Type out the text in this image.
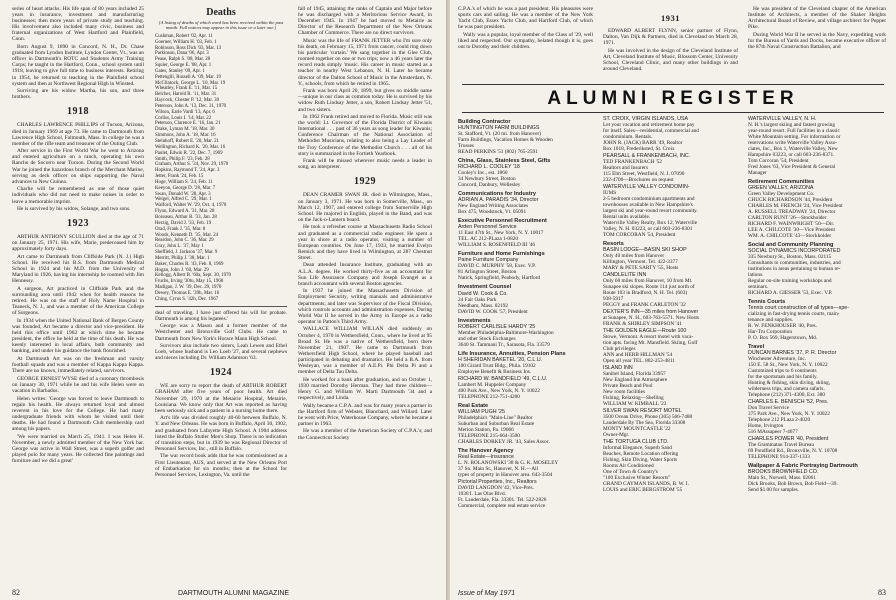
series of heart attacks. His life span of 80 years included 25 years in insurance, investment and manufacturing businesses; then more years of private study and teaching. His involvement also included many civic, business and fraternal organizations of West Hartford and Plainfield, Conn.

Born August 9, 1890 in Concord, N. H., Dr. Chase graduated from Lyndon Institute, Lyndon Center, Vt., was an officer in Dartmouth's ROTC and Students Army Training Corps; he taught in the Hartford, Conn., school system until 1918, leaving to give full time to business interests. Retiring in 1954, he returned to teaching in the Plainfield school system and then at Northwest Regional High in Winsted.

Surviving are his widow Martha, his son, and three brothers.

1918

CHARLES LAWRENCE PHILLIPS of Tucson, Arizona, died in January 1969 at age 73. He came to Dartmouth from Lawrence High School, Falmouth, Mass. In college he was a member of the rifle team and treasurer of the Outing Club.

After service in the First World War he went to Arizona and entered agriculture on a ranch, operating his own Rancho de Socorro near Tucson. During the Second World War he joined the hazardous branch of the Merchant Marine, serving as deck officer on ships supporting the Naval advances to New Guinea.

Charlie will be remembered as one of those quiet individuals who did not need to make noises in order to leave a memorable imprint.

He is survived by his widow, Solange, and two sons.

1923

ARTHUR ANTHONY SCULLION died at the age of 71 on January 25, 1971. His wife, Marie, predeceased him by approximately forty days.

Art came to Dartmouth from Cliffside Park (N. J.) High School. He received his B.S. from Dartmouth Medical School in 1924 and his M.D. from the University of Maryland in 1926, having his internship he roomed with Jim Hennessy.

A surgeon, Art practiced in Cliffside Park and the surrounding area until 1942 when for health reasons he retired. He was on the staff of Holy Name Hospital in Teaneck, N. J., and was a member of the American College of Surgeons.

In 1934 when the United National Bank of Bergen County was founded, Art became a director and vice-president. He held this office until 1962 at which time he became president, the office he held at the time of his death. He was keenly interested in local affairs, both community and banking, and under his guidance the bank flourished.

At Dartmouth Art was on the freshman and varsity football squads and was a member of Kappa Kappa Kappa. There are no known, immediately related, survivors.

GEORGE ERNEST WYSE died of a coronary thrombosis on January 30, 1971 while he and his wife Helen were on vacation in Barbados.

Helen writes: 'George was forced to leave Dartmouth to regain his health. He always returned loyal and almost reverent in his love for the College. He had many undergraduate friends with whom he visited until their deaths. He had found a Dartmouth Club membership card among his papers.

'We were married on March 25, 1941. I was Helen H. November, a newly admitted member of the New York bar. George was active in Wall Street, was a superb golfer and played polo for many years. He collected fine paintings and furniture and we did a great'

Deaths
[A listing of deaths of which word has been received within the past month. Full notices may appear in this issue or a later one.]
Cushman, Robert '02, Apr. 11
Goerner, William H. '03, Feb. 1
Robinson, Ross Dick '03, Mar. 13
Parkinson, Dana '06, Apr. 3
Pease, Ralph S. '08, Mar. 28
Squier, George E. '08, Apr. 1
Gates, Stanley '09, Apr. 1
Pettengill, Russell A. '09, Mar. 19
McClintock, George L. '10, Mar. 19
Wheatley, Frank E. '11, Mar. 15
Belcher, Harold R. '11, Mar. 31
Haycock, Chester P. '12, Mar. 30
Peterson, John A. '13, Dec. 31, 1970
Wilson, Earle Vardi '13, Apr. 6
Corliss, Louis I. '14, Mar. 22
Peterson, Clarence E. '16, Jan. 21
Drake, Lyman M. '18, Mar. 30
Simmons, John A. '18, Mar. 16
Steinhoff, Robert E. '20, Mar. 21
Wellington, Richard K. '20, Mar. 16
Paulet, Edwin R. '22, Dec. 7, 1969
Smith, Philip F. '23, Feb. 28
Graham, Arthur S. '24, Nov. 29, 1970
Hopkins, Raymond T. '24, Apr. 3
Jetter, Frank '24, Feb. 15
Hoge, William S. '24, Feb. 11
Keeyon, George D. '28, Mar. 7
Swan, Donald W. '28, Apr. 3
Weigel, Alfred C. '29, Mar. 1
Walford, Walter W. '29, Oct. 4, 1970
Flynn, Edward A. '31, Mar. 28
Boisseau, Arthur R. '33, Jan. 28
Herzig, David J. '33, Feb. 19
Orad, Frank J. '35, Mar. 8
Woods, Kenneth D. '35, Mar. 24
Reardon, John C. '36, Mar. 29
Gray, John L. '37, May 1
Sheffield, J. Jackson '37, Mar. 9
Merritt, Philip J. '38, Mar. 1
Baker, Charles R. '43, Feb. 8, 1969
Hogan, John J. '60, Mar. 29
Kellogg, Albert B. '60a, Sept. 30, 1970
Fruchs, Irving '30tu, May 15, 1968
Madigan, J. W. '39, Dec. 29, 1970
Dewey, Thomas E. '39h, Mar. 16
Ching, Cyrus S. '42h, Dec. 1967

deal of traveling. I have just offered his will for probate. Dartmouth is among his legatees.'

George was a Mason and a former member of the Westchester and Bronxville Golf Clubs. He came to Dartmouth from New York's Horace Mann High School.

Survivors also include two sisters, Leah Lewen and Ethel Loeb, whose husband is Leo Loeb '27, and several nephews and nieces including Dr. William Adamson '63.

1924

WE are sorry to report the death of ARTHUR ROBERT GRAHAM after five years of poor health. Art died November 29, 1970 at the Metairie Hospital, Metairie, Louisiana. We know only that Art was reported as having been seriously sick and a patient in a nursing home there.

Art's life was divided roughly 40-60 between Buffalo, N. Y. and New Orleans. He was born in Buffalo, April 30, 1902, and graduated from Lafayette High School. A 1904 address listed the Buffalo Stutler Men's Shop. There is no indication of transition steps, but in 1939 he was Regional Director of Personnel Services, Inc., still in Buffalo.

The war record book adds that he was commissioned as a First Lieutenant, AUS, and served at the New Orleans Port of Embarkation for six months; then at the School for Personnel Services, Lexington, Va. until the

fall of 1945, attaining the ranks of Captain and Major before he was discharged with a Meritorious Service Award, in December 1945. In 1947 he had moved to Metairie as Director of the Research Department of the New Orleans Chamber of Commerce. There are no direct survivors.

Music was the life of FRANK JETTER who I'm sure only his death, on February 15, 1971 from cancer, could ring down his particular 'curtain.' We sang together in the Glee Club, roomed together on one or two trips; now a 46 years later the record reads simply 'music. His career in music started as a teacher in nearby West Lebanon, N. H. Later he became director of the Dalton School of Music in the Amsterdam, N. Y., schools, from which he retired in 1965.

Frank was born April 20, 1899, but gives no middle name—unique in our class as common today. He is survived by his widow Ruth Lindsay Jetter, a son, Robert Lindsay Jetter '51, and two sisters.

In 1962 Frank retired and moved to Florida. Music still was the world: Lt. Governor of the Florida District of Kiwanis International . . . past of 36 years as song leader for Kiwanis; Conference Chairman of the National Association of Methodist Musicians, relating to also being a Lay Leader of the Troy Conference of the Methodist Church . . . all of his story is summarized in the Fortieth Yearbook.

Frank will be missed wherever music needs a leader in song, an interpreter.

1929

DEAN CRAMER SWAN JR. died in Wilmington, Mass., on January 3, 1971. He was born in Somerville, Mass., on March 12, 1907, and entered college from Somerville High School. He majored in English, played in the Band, and was on the Jack-o-Lantern board.

He took a refresher course at Massachusetts Radio School and graduated as a commercial radio engineer. He spent a year in shore at a radio operator, visiting a number of European countries. On June 17, 1933, he married Evelyn Remick and they have lived in Wilmington, at 287 Chestnut Street.

Dean attended Insurance Institute, graduating with an A.L.A. degree. He worked thirty-five as an accountant for Sun Life Assurance Company and Joseph Evangel as a branch accountant with several Boston agencies.

In 1937 he joined the Massachusetts Division of Employment Security, writing manuals and administrative departments; and later was Supervisor of the Fiscal Division, which controls accounts and administration expenses. During World War II he served in the Army in Europe as a radio operator in Patton's Third Army.

WALLACE WILLIAM WILLAN died suddenly on October 4, 1970 in Wethersfield, Conn., where he lived at 95 Broad St. He was a native of Wethersfield, born there November 21, 1907. He came to Dartmouth from Wethersfield High School, where he played baseball and participated in debating and dramatics. He held a B.A. from Wesleyan, was a member of A.E.Pi. Phi Delta Pi and a member of Delta Tau Delta.

He worked for a bank after graduation, and on October 1, 1930 married Dorothy Herman. They had three children—Henry G. and William W. Marti Dartmouth '34 and a respectively, and Linda.

Wally became a C.P.A. and was for many years a partner in the Hartford firm of Webster, Blanchard, and Willard. Later he went with Price, Waterhouse Company, where he became a partner in 1963.

He was a member of the American Society of C.P.A.'s; and the Connecticut Society

82	DARTMOUTH ALUMNI MAGAZINE

C.P.A.'s of which he was a past president. His pleasures were sports cars and sailing. He was a member of the New York Yacht Club, Essex Yacht Club, and Hartford Club, of which he was past president.

Wally was a popular, loyal member of the Class of '29, well liked and respected. Our sympathy, belated though it is, goes out to Dorothy and their children.

1931

EDWARD ALBERT FLYNN, senior partner of Flynn, Dalton, Van Dijk & Partners, died in Cleveland on March 28, 1971.

He was involved in the design of the Cleveland Institute of Art, Cleveland Institute of Music, Blossom Center, University School, Cleveland Clinic, and many other buildings in and around Cleveland.

He was president of the Cleveland chapter of the American Institute of Architects, a member of the Shaker Heights Architectural Board of Review, and village architect for Pepper Pike.

During World War II he served in the Navy, expediting work for the Bureau of Yards and Docks, became executive officer of the 87th Naval Construction Battalion, and

ALUMNI REGISTER
Building Contractor
HUNTINGTON FARM BUILDINGS
St. Stafford, Vt. (20 mi. from Hanover)
Farm Buildings, Vacation Homes & Wooden
Trusses
READ PERKINS '51 (802) 765-2591
China, Glass, Stainless Steel, Gifts
RICHARD L. COOLEY '18
Cooley's Inc., est. 1860
34 Newbury Street, Boston
Concord, Danbury, Wellesley
Communications for Industry
ADRIAN A. PARADIS '34, Director
New England Writing Associates
Box 475, Woodstock, Vt. 05091
Executive Personnel Recruitment
Arden Personnel Service
11 East 47th St., New York, N. Y. 10017
TEL. AC 212-PLaza 1-0820
WILLIAM S. ROSENFIELD III '46
Furniture and Home Furnishings
Paine Furniture Company
DAVID C. MURPHY '58, Exec. V.P.
81 Arlington Street, Boston
Natick, Springfield, Peabody, Hartford
Investment Counsel
David W. Cook & Co.
24 Fair Oaks Park
Needham, Mass. 02192
DAVID W. COOK '57, President
Investments
ROBERT CARLISLE HARDY '25
Member Philadelphia-Baltimore-Washington
and other Stock Exchanges
3640 St. Tammani Tr., Sarasota, Fla. 33579
Life Insurance, Annuities, Pension Plans
H SHERIDAN BAKETEL '20, C.L.U.
100 Girard Trust Bldg., Phila. 19102
Employee Benefit & Business Ins.
RICHARD W. BANDFIELD '49, C.L.U.
Lambert M. Huppeler Company
400 Park Ave., New York, N. Y. 10022
TELEPHONE 212-751-4200
Real Estate
WILLIAM PUGH '25
Philadelphia's "Main-Line" Realtor
Suburban and Suburban Real Estate
Merion Station, Pa. 19066
TELEPHONE 215-664-3500
CHARLES DORKEY JR. '43, Sales Assoc.
The Hanover Agency
Real Estate—Insurance
L. N. BOLANOWSKI '38 & G. K. MOSELEY
37 So. Main St., Hanover, N. H.—All
types of property in Hanover area. 643-3504
Pictorial Properties, Inc., Realtors
DAVID LANGDON '42, Vice-Pres.
1038 I. Las Olas Blvd.
Ft. Lauderdale, Fla. 33301. Tel. 522-2826
Commercial, complete real estate service
ST. CROIX, VIRGIN ISLANDS, USA
Let your vacation and retirement home pay
for itself. Sales—residential, commercial and
condominium. Rentals.
JOHN R. (JACK) BARR '49, Realtor
Box 1018, Frederiksted, St. Croix
PEARSALL & FRANKENBACH, INC.
TED FRANKENBACH '52
Realtors and Insurers
115 Elm Street, Westfield, N. J. 07090
232-4700—Brochures on request
WATERVILLE VALLEY CONDOMIN-
IUMS
2-5 bedroom condominium apartments and
townhouses available in New Hampshire's
largest ski and year-round resort community.
Rental units available.
Waterville Valley Realty, Box 12, Waterville
Valley, N. H. 03223, or call 603-236-8301
TOM CORCORAN '54, President
Resorts
BASIN LODGE—BASIN SKI SHOP
Only 40 miles from Hanover
Killington, Vermont. Tel. 422-3377
MARY & PETE SARTY '55, Hosts
CANDLELITE INN
Only 60 miles from Hanover, 10 from Mt.
Sunapee ski slopes. Route 114 just north of
Route 103 in Bradford, N. H. Tel. (603)
938-5917
PEGGY and FRANK CARLETON '32
DEXTER'S INN—35 miles from Hanover
at Sunapee, N. H., 603-763-5571. New Hosts
FRANK & SHIRLEY SIMPSON '41
THE GOLDEN EAGLE—Route 100
Stowe, Vermont. A resort motel with vaca-
tion apts. facing Mt. Mansfield. Skiing, Golf
Club privileges
ANN and HERB HILLMAN '54
Open all year TEL. 802-253-4811
ISLAND INN
Sanibel Island, Florida 33957
New England Inn Atmosphere
Private Beach and Pool
New room facilities
Fishing, Relaxing—Shelling
WILLIAM W. KIMBALL '23
SILVER SWAN RESORT MOTEL
3500 Ocean Drive, Phone (305) 566-7488
Lauderdale By The Sea, Florida 33308
MONTY MOUNTCASTLE '22
Owner-Mgr.
THE TORTUGA CLUB LTD.
Informal Elegance, Superb Sand
Beaches, Remote Location offering
Fishing, Skin Diving, Water Sports
Rooms Air Conditioned
One of Town & Country's
"100 Exclusive Winter Resorts"
GRAND CAYMAN ISLANDS, B. W. I.
LOUIS and ERIC BERGSTROM '55
WATERVILLE VALLEY, N. H.
N. H.'s largest skiing and fastest growing
year-round resort. Full facilities in a classic
White Mountain setting. For information or
reservations write Waterville Valley Asso-
ciates, Inc., Box 1, Waterville Valley, New
Hampshire 03223, or call 603-236-8371.
Tom Corcoran '54, President
Fred Jones '63, Vice President & General
Manager
Retirement Communities
GREEN VALLEY, ARIZONA
Green Valley Development Co.
CHUCK RICHARDSON '44, President
CHARLES M. FRENCH '24, Vice President
A. RUSSELL TREADWAY '24, Director
CARLTON RUNT '26—Stockholder
RICHARD F. WAINWRIGHT '50—Dir.
LEE A. CHILCOTE '30—Vice President
WM. A. CHILCOTE '43—Stockholder
Social and Community Planning
SOCIAL DYNAMICS INCORPORATED
335 Newbury St., Boston, Mass. 02115
Consultants to communities, industries, and
institutions in areas pertaining to human re-
lations.
Regular on-site training workshops and
seminars.
RICHARD A. GIESSER '53, Exec. V.P.
Tennis Courts
Tennis court construction of all types—spe-
cializing in fast-drying tennis courts, main-
tenance and supplies.
R. W. FENKHOUSER '40, Pres.
Har-Tru Corporation
P. O. Box 569, Hagerstown, Md.
Travel
DUNCAN BARNES '37, P. R. Director
Winchester Adventure, Inc.
150 E. 58 St., New York, N. Y. 10022
Customized trips to 6 continents
for the sportsman and his family.
Hunting & fishing, skin diving, skiing,
wilderness trips, and camera safaris.
Telephone (212) 371-4300, Ext. 380
CHARLES E. BENISCH '52, Pres.
Don Travel Service
375 Park Ave., New York, N. Y. 10022
Telephone 212 PLaza 2-4020
Home, Irvington
516 MAssapeer 7-4677
CHARLES POWER '40, President
The Grammatan Travel Bureau
69 Pondfield Rd., Bronxville, N. Y. 10708
TELEPHONE 914-337-1333
Wallpaper & Fabric Portraying Dartmouth
BROOKS BROWNFIELD CO.
Main St., Norwell, Mass. 02061
Dick Brooks, Bob Brown, Bob Field—39.
Send $1.00 for samples.
Issue of May 1971	83
